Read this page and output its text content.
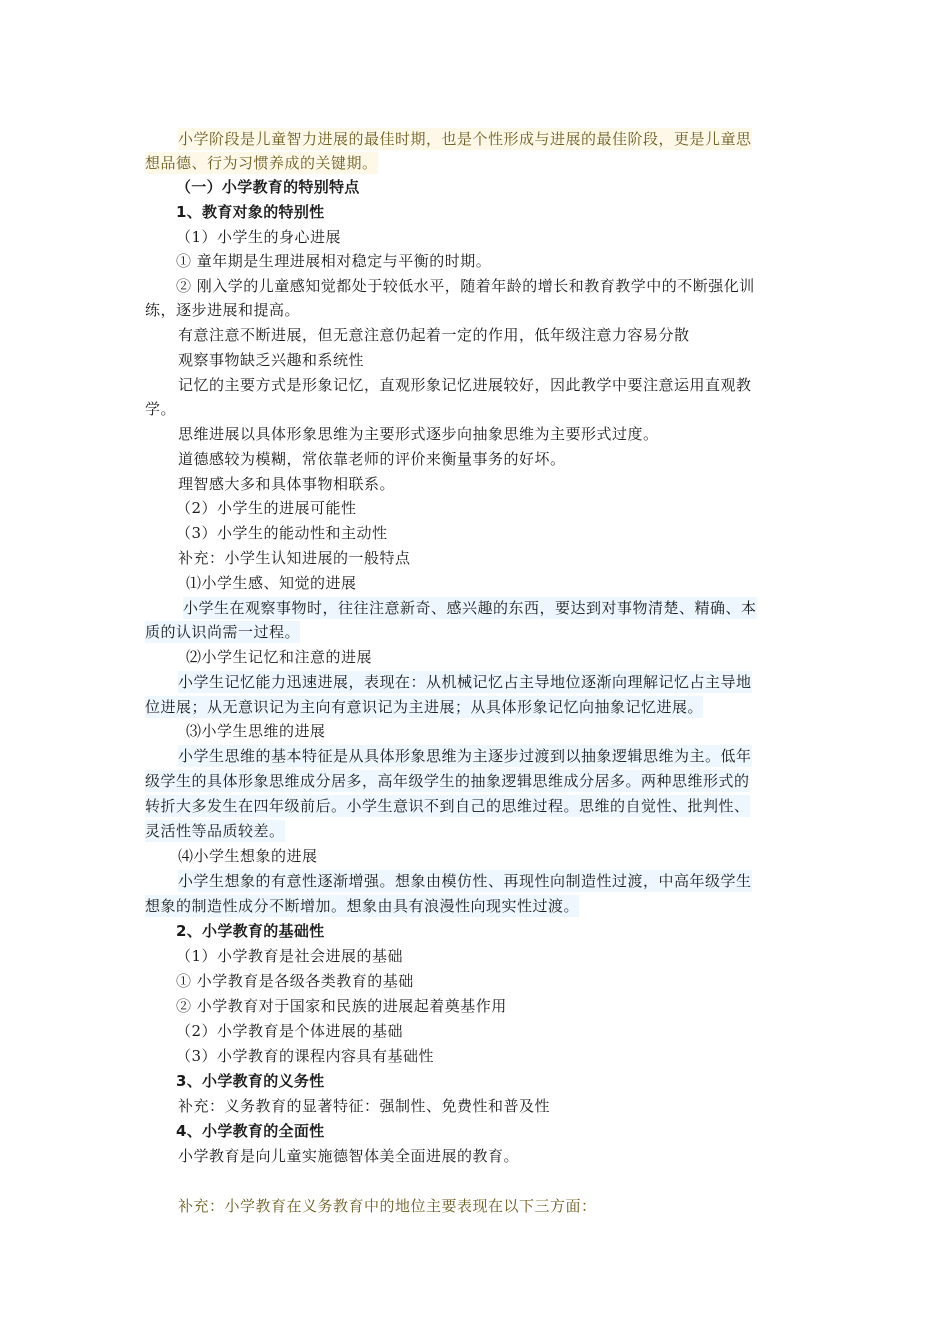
小学阶段是儿童智力进展的最佳时期，也是个性形成与进展的最佳阶段，更是儿童思
想品德、行为习惯养成的关键期。
（一）小学教育的特别特点
1、教育对象的特别性
（1）小学生的身心进展
① 童年期是生理进展相对稳定与平衡的时期。
② 刚入学的儿童感知觉都处于较低水平，随着年龄的增长和教育教学中的不断强化训
练，逐步进展和提高。
有意注意不断进展，但无意注意仍起着一定的作用，低年级注意力容易分散
观察事物缺乏兴趣和系统性
记忆的主要方式是形象记忆，直观形象记忆进展较好，因此教学中要注意运用直观教
学。
思维进展以具体形象思维为主要形式逐步向抽象思维为主要形式过度。
道德感较为模糊，常依靠老师的评价来衡量事务的好坏。
理智感大多和具体事物相联系。
（2）小学生的进展可能性
（3）小学生的能动性和主动性
补充：小学生认知进展的一般特点
⑴小学生感、知觉的进展
小学生在观察事物时，往往注意新奇、感兴趣的东西，要达到对事物清楚、精确、本
质的认识尚需一过程。
⑵小学生记忆和注意的进展
小学生记忆能力迅速进展，表现在：从机械记忆占主导地位逐渐向理解记忆占主导地
位进展；从无意识记为主向有意识记为主进展；从具体形象记忆向抽象记忆进展。
⑶小学生思维的进展
小学生思维的基本特征是从具体形象思维为主逐步过渡到以抽象逻辑思维为主。低年
级学生的具体形象思维成分居多，高年级学生的抽象逻辑思维成分居多。两种思维形式的
转折大多发生在四年级前后。小学生意识不到自己的思维过程。思维的自觉性、批判性、
灵活性等品质较差。
⑷小学生想象的进展
小学生想象的有意性逐渐增强。想象由模仿性、再现性向制造性过渡，中高年级学生
想象的制造性成分不断增加。想象由具有浪漫性向现实性过渡。
2、小学教育的基础性
（1）小学教育是社会进展的基础
① 小学教育是各级各类教育的基础
② 小学教育对于国家和民族的进展起着奠基作用
（2）小学教育是个体进展的基础
（3）小学教育的课程内容具有基础性
3、小学教育的义务性
补充：义务教育的显著特征：强制性、免费性和普及性
4、小学教育的全面性
小学教育是向儿童实施德智体美全面进展的教育。
补充：小学教育在义务教育中的地位主要表现在以下三方面：
